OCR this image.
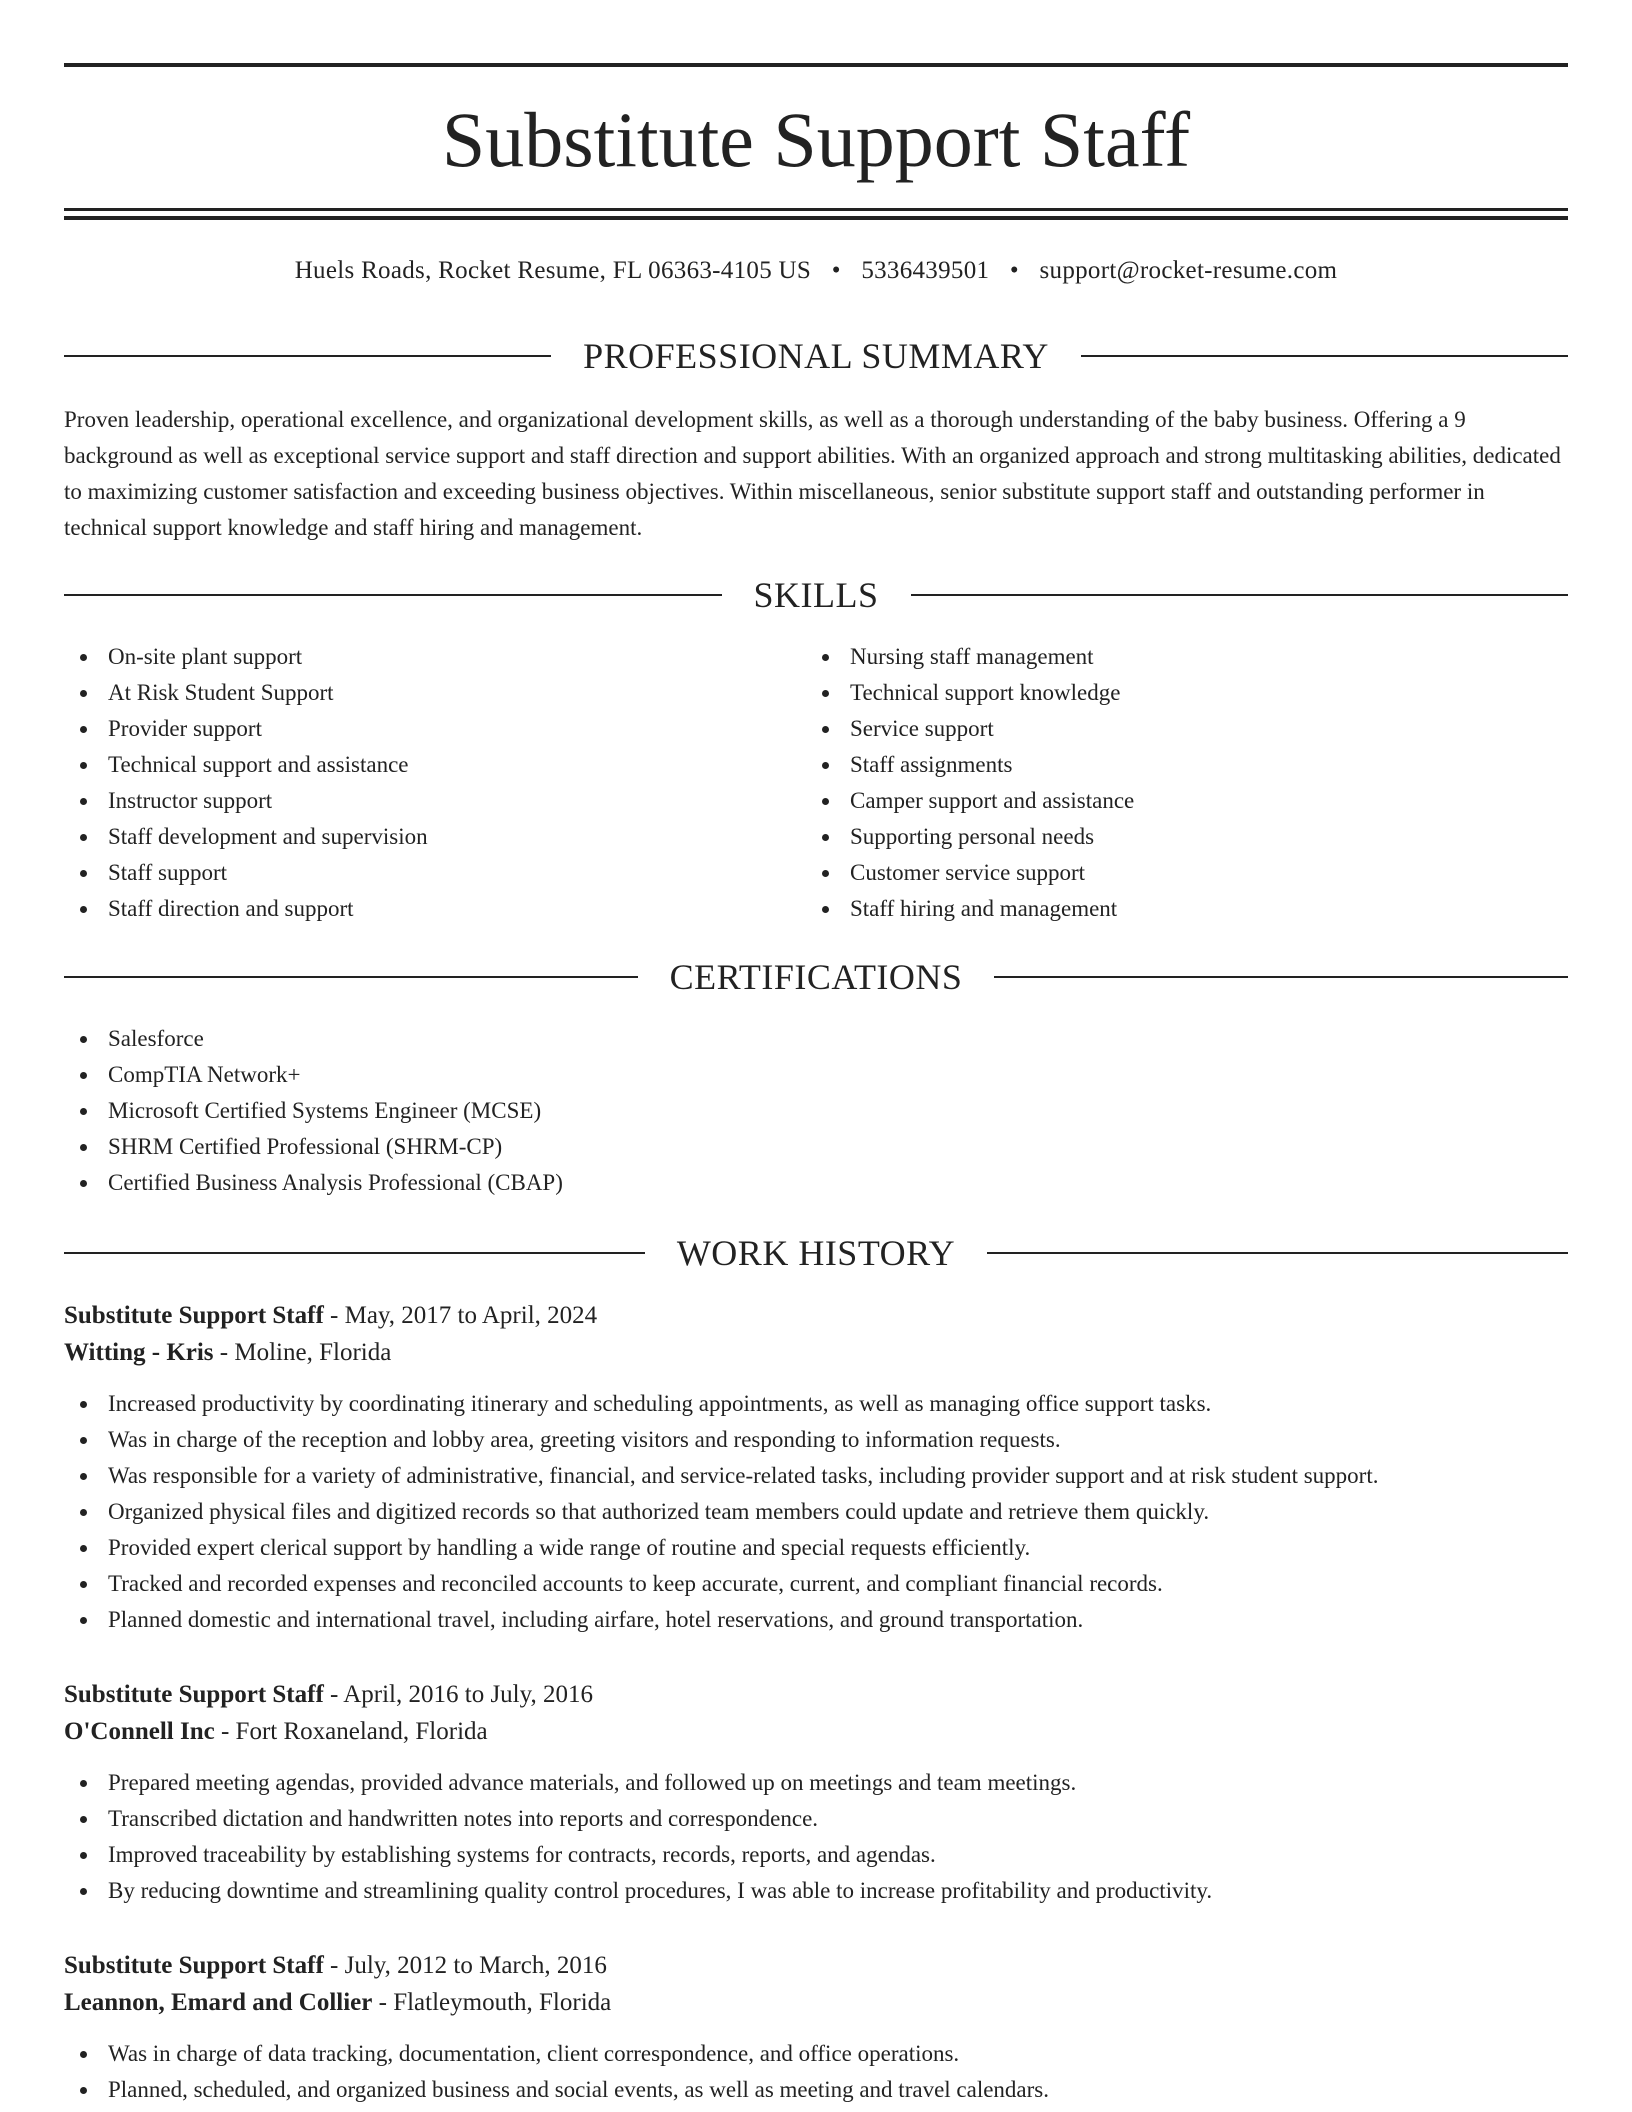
Substitute Support Staff
Huels Roads, Rocket Resume, FL 06363-4105 US • 5336439501 • support@rocket-resume.com
PROFESSIONAL SUMMARY

Proven leadership, operational excellence, and organizational development skills, as well as a thorough understanding of the baby business. Offering a 9 background as well as exceptional service support and staff direction and support abilities. With an organized approach and strong multitasking abilities, dedicated to maximizing customer satisfaction and exceeding business objectives. Within miscellaneous, senior substitute support staff and outstanding performer in technical support knowledge and staff hiring and management.

SKILLS
On-site plant support
At Risk Student Support
Provider support
Technical support and assistance
Instructor support
Staff development and supervision
Staff support
Staff direction and support
Nursing staff management
Technical support knowledge
Service support
Staff assignments
Camper support and assistance
Supporting personal needs
Customer service support
Staff hiring and management
CERTIFICATIONS
Salesforce
CompTIA Network+
Microsoft Certified Systems Engineer (MCSE)
SHRM Certified Professional (SHRM-CP)
Certified Business Analysis Professional (CBAP)
WORK HISTORY
Substitute Support Staff - May, 2017 to April, 2024
Witting - Kris - Moline, Florida
Increased productivity by coordinating itinerary and scheduling appointments, as well as managing office support tasks.
Was in charge of the reception and lobby area, greeting visitors and responding to information requests.
Was responsible for a variety of administrative, financial, and service-related tasks, including provider support and at risk student support.
Organized physical files and digitized records so that authorized team members could update and retrieve them quickly.
Provided expert clerical support by handling a wide range of routine and special requests efficiently.
Tracked and recorded expenses and reconciled accounts to keep accurate, current, and compliant financial records.
Planned domestic and international travel, including airfare, hotel reservations, and ground transportation.
Substitute Support Staff - April, 2016 to July, 2016
O'Connell Inc - Fort Roxaneland, Florida
Prepared meeting agendas, provided advance materials, and followed up on meetings and team meetings.
Transcribed dictation and handwritten notes into reports and correspondence.
Improved traceability by establishing systems for contracts, records, reports, and agendas.
By reducing downtime and streamlining quality control procedures, I was able to increase profitability and productivity.
Substitute Support Staff - July, 2012 to March, 2016
Leannon, Emard and Collier - Flatleymouth, Florida
Was in charge of data tracking, documentation, client correspondence, and office operations.
Planned, scheduled, and organized business and social events, as well as meeting and travel calendars.
